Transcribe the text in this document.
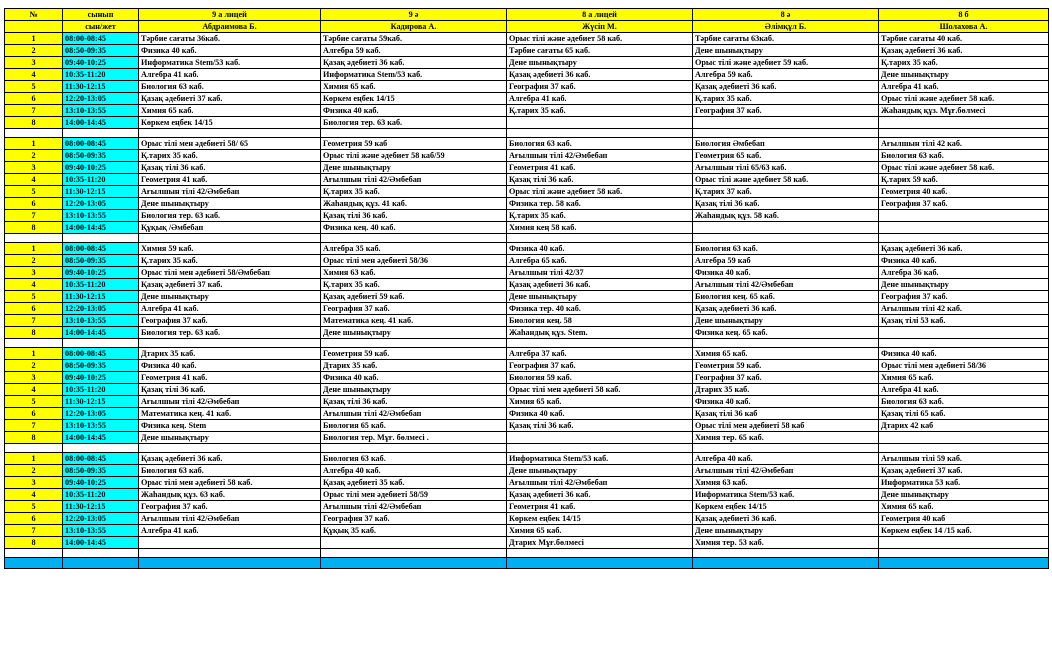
№	сынып	9 а лицей	9 ә	8 а лицей	8 ә	8 б
	сын/жет	Абдраимова Б.	Кадирова А.	Жүсіп М.	Әлімқұл Б.	Шолахова А.
1	08:00-08:45	Тәрбие сағаты 36каб.	Тәрбие сағаты 59каб.	Орыс тілі және әдебиет 58 каб.	Тәрбие сағаты 63каб.	Тәрбие сағаты 40 каб.
2	08:50-09:35	Физика 40 каб.	Алгебра 59 каб.	Тәрбие сағаты 65 каб.	Дене шынықтыру	Қазақ әдебиеті 36 каб.
3	09:40-10:25	Информатика Stem/53 каб.	Қазақ әдебиеті 36 каб.	Дене шынықтыру	Орыс тілі және әдебиет 59 каб.	Қ.тарих 35 каб.
4	10:35-11:20	Алгебра 41 каб.	Информатика Stem/53 каб.	Қазақ әдебиеті 36 каб.	Алгебра 59 каб.	Дене шынықтыру
5	11:30-12:15	Биология 63 каб.	Химия 65 каб.	География 37 каб.	Қазақ әдебиеті 36 каб.	Алгебра 41 каб.
6	12:20-13:05	Қазақ әдебиеті 37 каб.	Көркем еңбек 14/15	Алгебра 41 каб.	Қ.тарих 35 каб.	Орыс тілі және әдебиет 58 каб.
7	13:10-13:55	Химия 65 каб.	Физика 40 каб.	Қ.тарих 35 каб.	География 37 каб.	Жаһандық құз. Мұғ.бөлмесі
8	14:00-14:45	Көркем еңбек 14/15	Биология тер. 63 каб.			

1	08:00-08:45	Орыс тілі мен әдебиеті 58/ 65	Геометрия 59 каб	Биология 63 каб.	Биология Әмбебап	Ағылшын тілі 42 каб.
2	08:50-09:35	Қ.тарих 35 каб.	Орыс тілі және әдебиет 58 каб/59	Ағылшын тілі 42/Әмбебап	Геометрия 65 каб.	Биология 63 каб.
3	09:40-10:25	Қазақ тілі 36 каб.	Дене шынықтыру	Геометрия 41 каб.	Ағылшын тілі 65/63 каб.	Орыс тілі және әдебиет 58 каб.
4	10:35-11:20	Геометрия 41 каб.	Ағылшын тілі 42/Әмбебап	Қазақ тілі 36 каб.	Орыс тілі және әдебиет 58 каб.	Қ.тарих 59 каб.
5	11:30-12:15	Ағылшын тілі 42/Әмбебап	Қ.тарих 35 каб.	Орыс тілі және әдебиет 58 каб.	Қ.тарих 37 каб.	Геометрия 40 каб.
6	12:20-13:05	Дене шынықтыру	Жаһандық құз. 41 каб.	Физика тер. 58 каб.	Қазақ тілі 36 каб.	География 37 каб.
7	13:10-13:55	Биология тер. 63 каб.	Қазақ тілі 36 каб.	Қ.тарих 35 каб.	Жаһандық құз. 58 каб.	
8	14:00-14:45	Құқық /Әмбебап	Физика кең. 40 каб.	Химия кең 58 каб.		

1	08:00-08:45	Химия 59 каб.	Алгебра 35 каб.	Физика 40 каб.	Биология 63 каб.	Қазақ әдебиеті 36 каб.
2	08:50-09:35	Қ.тарих 35 каб.	Орыс тілі мен әдебиеті 58/36	Алгебра 65 каб.	Алгебра 59 каб	Физика 40 каб.
3	09:40-10:25	Орыс тілі мен әдебиеті 58/Әмбебап	Химия 63 каб.	Ағылшын тілі 42/37	Физика 40 каб.	Алгебра 36 каб.
4	10:35-11:20	Қазақ әдебиеті 37 каб.	Қ.тарих 35 каб.	Қазақ әдебиеті 36 каб.	Ағылшын тілі 42/Әмбебап	Дене шынықтыру
5	11:30-12:15	Дене шынықтыру	Қазақ әдебиеті 59 каб.	Дене шынықтыру	Биология кең. 65 каб.	География 37 каб.
6	12:20-13:05	Алгебра 41 каб.	География 37 каб.	Физика тер. 40 каб.	Қазақ әдебиеті 36 каб.	Ағылшын тілі 42 каб.
7	13:10-13:55	География 37 каб.	Математика кең. 41 каб.	Биология кең. 58	Дене шынықтыру	Қазақ тілі 53 каб.
8	14:00-14:45	Биология тер. 63 каб.	Дене шынықтыру	Жаһандық құз. Stem.	Физика кең. 65 каб.	

1	08:00-08:45	Дтарих 35 каб.	Геометрия 59 каб.	Алгебра 37 каб.	Химия 65 каб.	Физика 40 каб.
2	08:50-09:35	Физика 40 каб.	Дтарих 35 каб.	География 37 каб.	Геометрия 59 каб.	Орыс тілі мен әдебиеті 58/36
3	09:40-10:25	Геометрия 41 каб.	Физика 40 каб.	Биология 59 каб.	География 37 каб.	Химия 65 каб.
4	10:35-11:20	Қазақ тілі 36 каб.	Дене шынықтыру	Орыс тілі мен әдебиеті 58 каб.	Дтарих 35 каб.	Алгебра 41 каб.
5	11:30-12:15	Ағылшын тілі 42/Әмбебап	Қазақ тілі 36 каб.	Химия 65 каб.	Физика 40 каб.	Биология 63 каб.
6	12:20-13:05	Математика кең. 41 каб.	Ағылшын тілі 42/Әмбебап	Физика 40 каб.	Қазақ тілі 36 каб	Қазақ тілі 65 каб.
7	13:10-13:55	Физика кең. Stem	Биология 65 каб.	Қазақ тілі 36 каб.	Орыс тілі мен әдебиеті 58 каб	Дтарих 42 каб
8	14:00-14:45	Дене шынықтыру	Биология тер. Мұғ. бөлмесі .		Химия тер. 65 каб.	

1	08:00-08:45	Қазақ әдебиеті 36 каб.	Биология 63 каб.	Информатика Stem/53 каб.	Алгебра 40 каб.	Ағылшын тілі 59 каб.
2	08:50-09:35	Биология 63 каб.	Алгебра 40 каб.	Дене шынықтыру	Ағылшын тілі 42/Әмбебап	Қазақ әдебиеті 37 каб.
3	09:40-10:25	Орыс тілі мен әдебиеті 58 каб.	Қазақ әдебиеті 35 каб.	Ағылшын тілі 42/Әмбебап	Химия 63 каб.	Информатика 53 каб.
4	10:35-11:20	Жаһандық құз. 63 каб.	Орыс тілі мен әдебиеті 58/59	Қазақ әдебиеті 36 каб.	Информатика Stem/53 каб.	Дене шынықтыру
5	11:30-12:15	География 37 каб.	Ағылшын тілі 42/Әмбебап	Геометрия 41 каб.	Көркем еңбек 14/15	Химия 65 каб.
6	12:20-13:05	Ағылшын тілі 42/Әмбебап	География 37 каб.	Көркем еңбек 14/15	Қазақ әдебиеті 36 каб.	Геометрия 40 каб
7	13:10-13:55	Алгебра 41 каб.	Құқық 35 каб.	Химия 65 каб.	Дене шынықтыру	Көркем еңбек 14 /15 каб.
8	14:00-14:45			Дтарих Мұғ.бөлмесі	Химия тер. 53 каб.	
